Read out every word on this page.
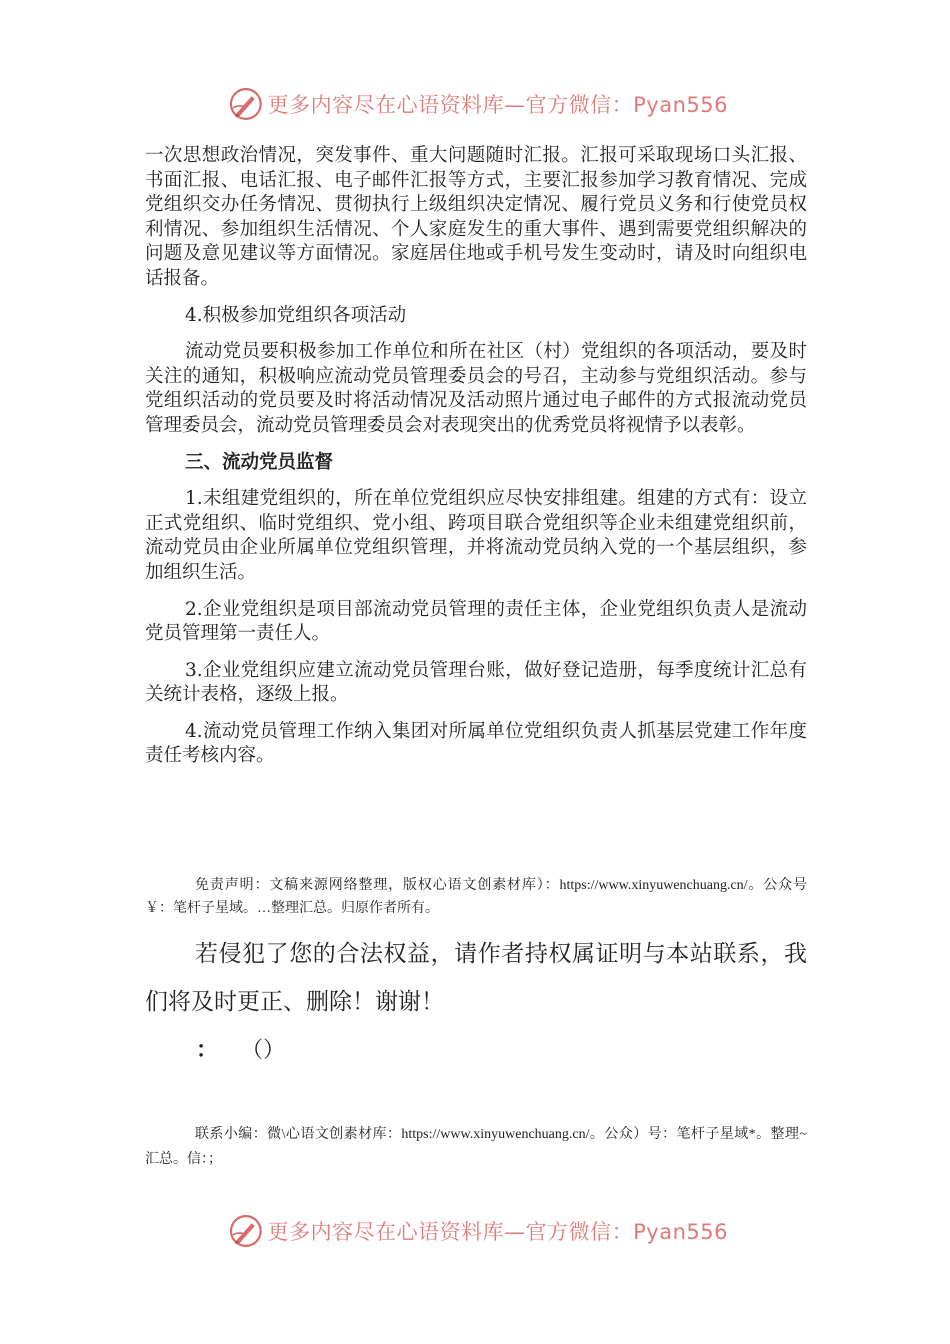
更多内容尽在心语资料库—官方微信：Pyan556

一次思想政治情况，突发事件、重大问题随时汇报。汇报可采取现场口头汇报、书面汇报、电话汇报、电子邮件汇报等方式，主要汇报参加学习教育情况、完成党组织交办任务情况、贯彻执行上级组织决定情况、履行党员义务和行使党员权利情况、参加组织生活情况、个人家庭发生的重大事件、遇到需要党组织解决的问题及意见建议等方面情况。家庭居住地或手机号发生变动时，请及时向组织电话报备。

4.积极参加党组织各项活动

流动党员要积极参加工作单位和所在社区（村）党组织的各项活动，要及时关注的通知，积极响应流动党员管理委员会的号召，主动参与党组织活动。参与党组织活动的党员要及时将活动情况及活动照片通过电子邮件的方式报流动党员管理委员会，流动党员管理委员会对表现突出的优秀党员将视情予以表彰。

三、流动党员监督

1.未组建党组织的，所在单位党组织应尽快安排组建。组建的方式有：设立正式党组织、临时党组织、党小组、跨项目联合党组织等企业未组建党组织前，流动党员由企业所属单位党组织管理，并将流动党员纳入党的一个基层组织，参加组织生活。

2.企业党组织是项目部流动党员管理的责任主体，企业党组织负责人是流动党员管理第一责任人。

3.企业党组织应建立流动党员管理台账，做好登记造册，每季度统计汇总有关统计表格，逐级上报。

4.流动党员管理工作纳入集团对所属单位党组织负责人抓基层党建工作年度责任考核内容。

免责声明：文稿来源网络整理，版权心语文创素材库）：https://www.xinyuwenchuang.cn/。公众号￥：笔杆子星域。…整理汇总。归原作者所有。
若侵犯了您的合法权益，请作者持权属证明与本站联系，我们将及时更正、删除！谢谢！
： （）
联系小编：微\心语文创素材库：https://www.xinyuwenchuang.cn/。公众）号：笔杆子星域*。整理~汇总。信：；
更多内容尽在心语资料库—官方微信：Pyan556
